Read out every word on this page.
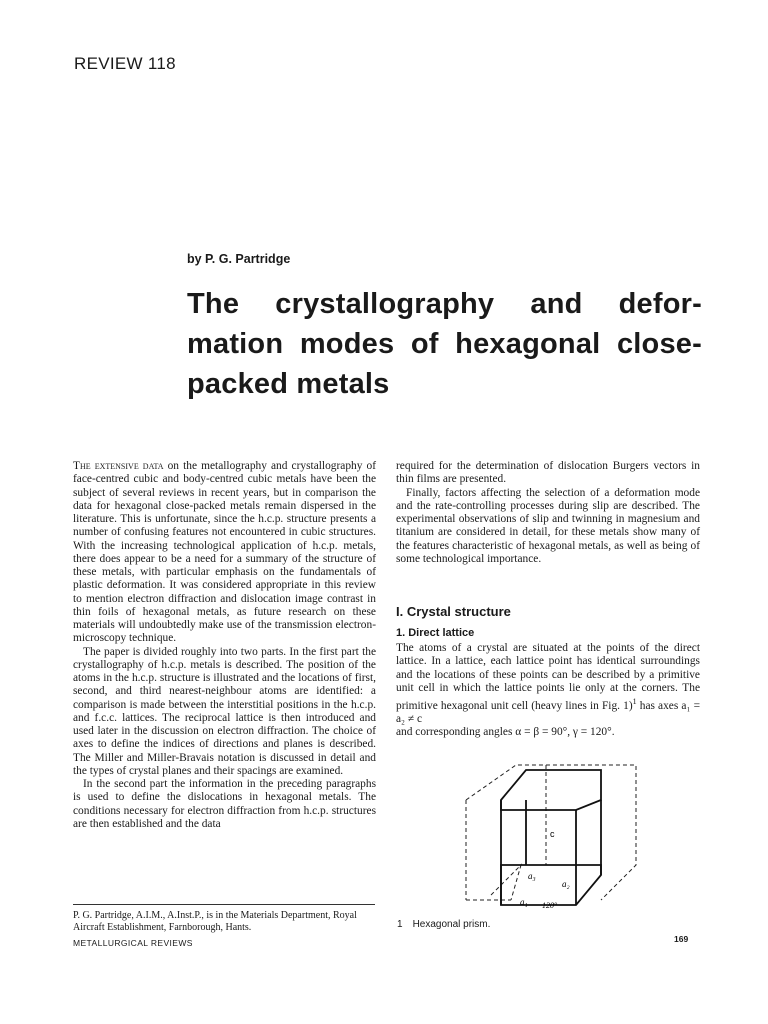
REVIEW 118
by P. G. Partridge
The crystallography and defor- mation modes of hexagonal close-packed metals

The extensive data on the metallography and crystallography of face-centred cubic and body-centred cubic metals have been the subject of several reviews in recent years, but in comparison the data for hexagonal close-packed metals remain dispersed in the literature. This is unfortunate, since the h.c.p. structure presents a number of confusing features not encountered in cubic structures. With the increasing technological application of h.c.p. metals, there does appear to be a need for a summary of the structure of these metals, with particular emphasis on the fundamentals of plastic deformation. It was considered appropriate in this review to mention electron diffraction and dislocation image contrast in thin foils of hexagonal metals, as future research on these materials will undoubtedly make use of the transmission electron-microscopy technique.

The paper is divided roughly into two parts. In the first part the crystallography of h.c.p. metals is described. The position of the atoms in the h.c.p. structure is illustrated and the locations of first, second, and third nearest-neighbour atoms are identified: a comparison is made between the interstitial positions in the h.c.p. and f.c.c. lattices. The reciprocal lattice is then introduced and used later in the discussion on electron diffraction. The choice of axes to define the indices of directions and planes is described. The Miller and Miller-Bravais notation is discussed in detail and the types of crystal planes and their spacings are examined.

In the second part the information in the preceding paragraphs is used to define the dislocations in hexagonal metals. The conditions necessary for electron diffraction from h.c.p. structures are then established and the data

required for the determination of dislocation Burgers vectors in thin films are presented.

Finally, factors affecting the selection of a deformation mode and the rate-controlling processes during slip are described. The experimental observations of slip and twinning in magnesium and titanium are considered in detail, for these metals show many of the features characteristic of hexagonal metals, as well as being of some technological importance.

I. Crystal structure
1. Direct lattice

The atoms of a crystal are situated at the points of the direct lattice. In a lattice, each lattice point has identical surroundings and the locations of these points can be described by a primitive unit cell in which the lattice points lie only at the corners. The primitive hexagonal unit cell (heavy lines in Fig. 1)$^1$ has axes a₁ = a₂ ≠ c

and corresponding angles α = β = 90°, γ = 120°.

c
a₃
a₂
a₁ 120°
1 Hexagonal prism.
P. G. Partridge, A.I.M., A.Inst.P., is in the Materials Department, Royal Aircraft Establishment, Farnborough, Hants.
METALLURGICAL REVIEWS	169
